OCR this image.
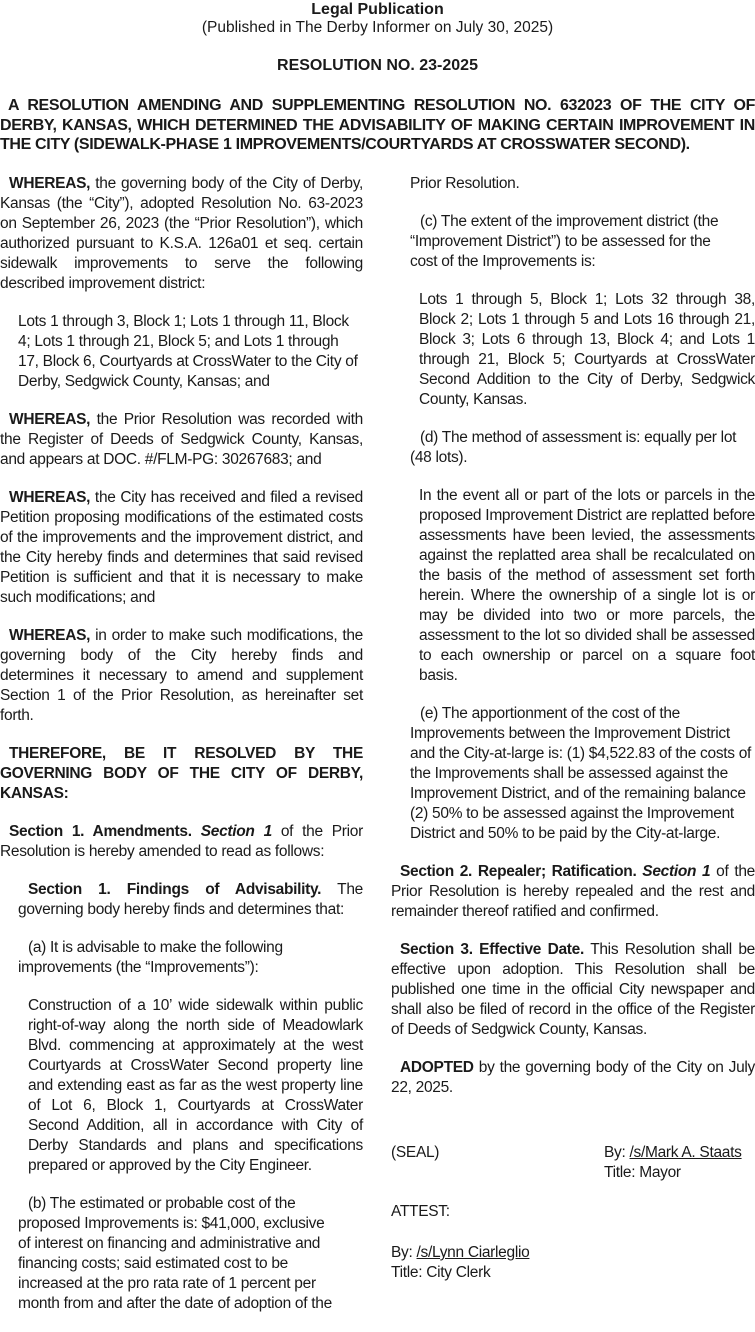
Legal Publication
(Published in The Derby Informer on July 30, 2025)
RESOLUTION NO. 23-2025
A RESOLUTION AMENDING AND SUPPLEMENTING RESOLUTION NO. 632023 OF THE CITY OF DERBY, KANSAS, WHICH DETERMINED THE ADVISABILITY OF MAKING CERTAIN IMPROVEMENT IN THE CITY (SIDEWALK-PHASE 1 IMPROVEMENTS/COURTYARDS AT CROSSWATER SECOND).

WHEREAS, the governing body of the City of Derby, Kansas (the “City”), adopted Resolution No. 63-2023 on September 26, 2023 (the “Prior Resolution”), which authorized pursuant to K.S.A. 126a01 et seq. certain sidewalk improvements to serve the following described improvement district:

Lots 1 through 3, Block 1; Lots 1 through 11, Block 4; Lots 1 through 21, Block 5; and Lots 1 through 17, Block 6, Courtyards at CrossWater to the City of Derby, Sedgwick County, Kansas; and

WHEREAS, the Prior Resolution was recorded with the Register of Deeds of Sedgwick County, Kansas, and appears at DOC. #/FLM-PG: 30267683; and

WHEREAS, the City has received and filed a revised Petition proposing modifications of the estimated costs of the improvements and the improvement district, and the City hereby finds and determines that said revised Petition is sufficient and that it is necessary to make such modifications; and

WHEREAS, in order to make such modifications, the governing body of the City hereby finds and determines it necessary to amend and supplement Section 1 of the Prior Resolution, as hereinafter set forth.

THEREFORE, BE IT RESOLVED BY THE GOVERNING BODY OF THE CITY OF DERBY, KANSAS:

Section 1. Amendments. Section 1 of the Prior Resolution is hereby amended to read as follows:

Section 1. Findings of Advisability. The governing body hereby finds and determines that:

(a) It is advisable to make the following improvements (the “Improvements”):

Construction of a 10’ wide sidewalk within public right-of-way along the north side of Meadowlark Blvd. commencing at approximately at the west Courtyards at CrossWater Second property line and extending east as far as the west property line of Lot 6, Block 1, Courtyards at CrossWater Second Addition, all in accordance with City of Derby Standards and plans and specifications prepared or approved by the City Engineer.

(b) The estimated or probable cost of the proposed Improvements is: $41,000, exclusive of interest on financing and administrative and financing costs; said estimated cost to be increased at the pro rata rate of 1 percent per month from and after the date of adoption of the

Prior Resolution.

(c) The extent of the improvement district (the “Improvement District”) to be assessed for the cost of the Improvements is:

Lots 1 through 5, Block 1; Lots 32 through 38, Block 2; Lots 1 through 5 and Lots 16 through 21, Block 3; Lots 6 through 13, Block 4; and Lots 1 through 21, Block 5; Courtyards at CrossWater Second Addition to the City of Derby, Sedgwick County, Kansas.

(d) The method of assessment is: equally per lot (48 lots).

In the event all or part of the lots or parcels in the proposed Improvement District are replatted before assessments have been levied, the assessments against the replatted area shall be recalculated on the basis of the method of assessment set forth herein. Where the ownership of a single lot is or may be divided into two or more parcels, the assessment to the lot so divided shall be assessed to each ownership or parcel on a square foot basis.

(e) The apportionment of the cost of the Improvements between the Improvement District and the City-at-large is: (1) $4,522.83 of the costs of the Improvements shall be assessed against the Improvement District, and of the remaining balance (2) 50% to be assessed against the Improvement District and 50% to be paid by the City-at-large.

Section 2. Repealer; Ratification. Section 1 of the Prior Resolution is hereby repealed and the rest and remainder thereof ratified and confirmed.

Section 3. Effective Date. This Resolution shall be effective upon adoption. This Resolution shall be published one time in the official City newspaper and shall also be filed of record in the office of the Register of Deeds of Sedgwick County, Kansas.

ADOPTED by the governing body of the City on July 22, 2025.

(SEAL)	By: /s/Mark A. Staats
Title: Mayor
ATTEST:
By: /s/Lynn Ciarleglio
Title: City Clerk
